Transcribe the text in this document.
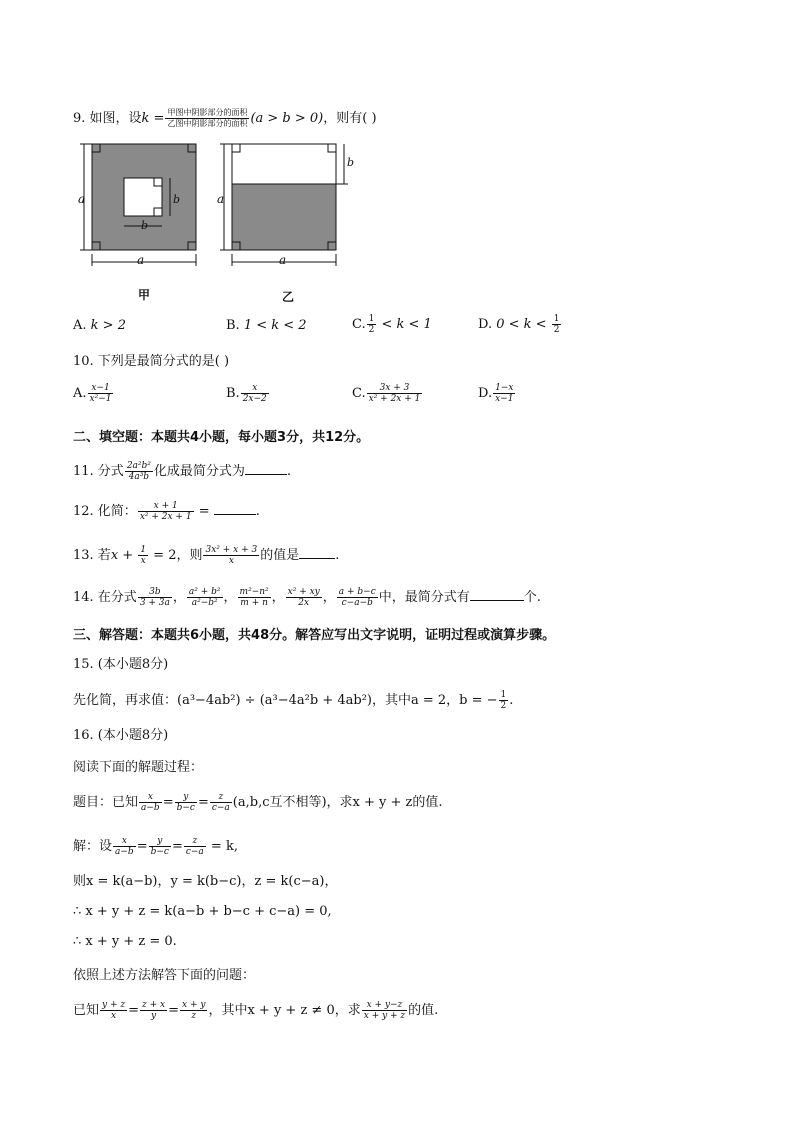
9. 如图，设$k = \frac{\text{甲图中阴影部分的面积}}{\text{乙图中阴影部分的面积}} (a > b > 0)$，则有( )
a
a
b
b	a
a
b
甲	乙
A. k > 2	B. 1 < k < 2	C. $\frac{1}{2} < k < 1$	D. $0 < k < \frac{1}{2}$
10. 下列是最简分式的是( )
A. $\frac{x-1}{\text{x²−1}}$	B. $\frac{x}{2x-2}$	C. $\frac{3x + 3}{\text{x² + 2x + 1}}$	D. $\frac{1-x}{x-1}$
二、填空题：本题共4小题，每小题3分，共12分。
11. 分式 $\frac{\text{2a²b²}}{\text{4a³b}}$ 化成最简分式为	.
12. 化简： $\frac{x + 1}{\text{x² + 2x + 1}}$ =	.
13. 若$x + \frac{1}{x} = 2$，则 $\frac{\text{3x² + x + 3}}{x}$ 的值是	.
14. 在分式 $\frac{3b}{3 + 3a}$ ， $\frac{\text{a² + b²}}{\text{a²−b²}}$ ， $\frac{\text{m²−n²}}{m + n}$ ， $\frac{\text{x² + xy}}{2x}$ ， $\frac{a + b-c}{c-a-b}$ 中，最简分式有	个.
三、解答题：本题共6小题，共48分。解答应写出文字说明，证明过程或演算步骤。
15. (本小题8分)
先化简，再求值：(a³−4ab²) ÷ (a³−4a²b + 4ab²)，其中a = 2，b = − $\frac{1}{2}$ .
16. (本小题8分)
阅读下面的解题过程：
题目：已知 $\frac{x}{a-b} = \frac{y}{b-c} = \frac{z}{c-a} (a,b,c$互不相等)，求x + y + z的值.
解：设 $\frac{x}{a-b} = \frac{y}{b-c} = \frac{z}{c-a} = k$,
则x = k(a−b)，y = k(b−c)，z = k(c−a)，
∴ x + y + z = k(a−b + b−c + c−a) = 0,
∴ x + y + z = 0.
依照上述方法解答下面的问题：
已知 $\frac{y + z}{x} = \frac{z + x}{y} = \frac{x + y}{z}$ ，其中x + y + z ≠ 0，求 $\frac{x + y-z}{x + y + z}$ 的值.
